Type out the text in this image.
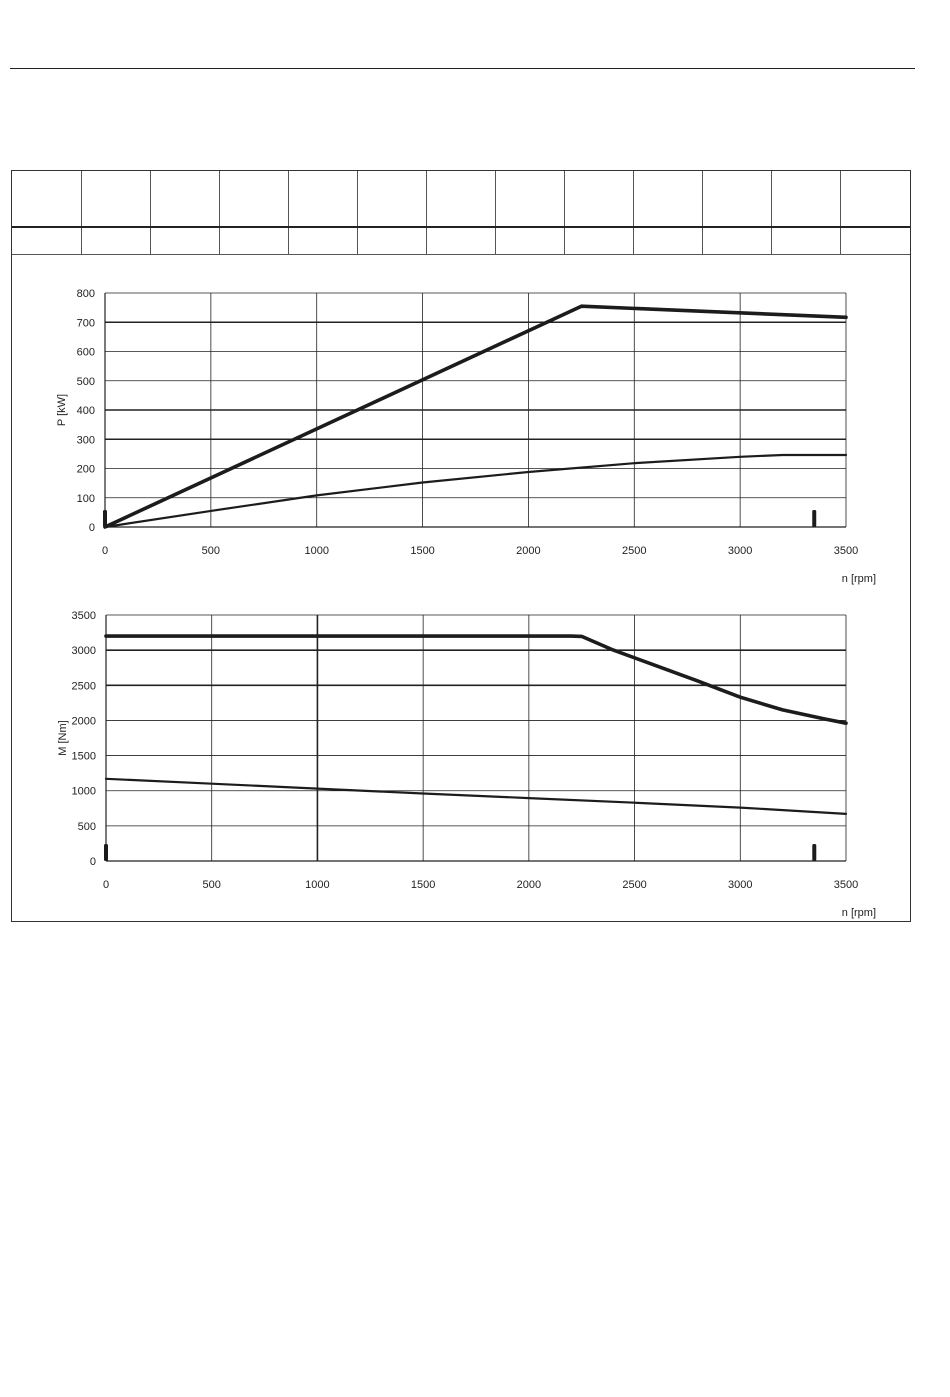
0
100
200
300
400
500
600
700
800
0	500	1000	1500	2000	2500	3000	3500
P [kW]
n [rpm]
0
500
1000
1500
2000
2500
3000
3500
0	500	1000	1500	2000	2500	3000	3500
M [Nm]
n [rpm]
